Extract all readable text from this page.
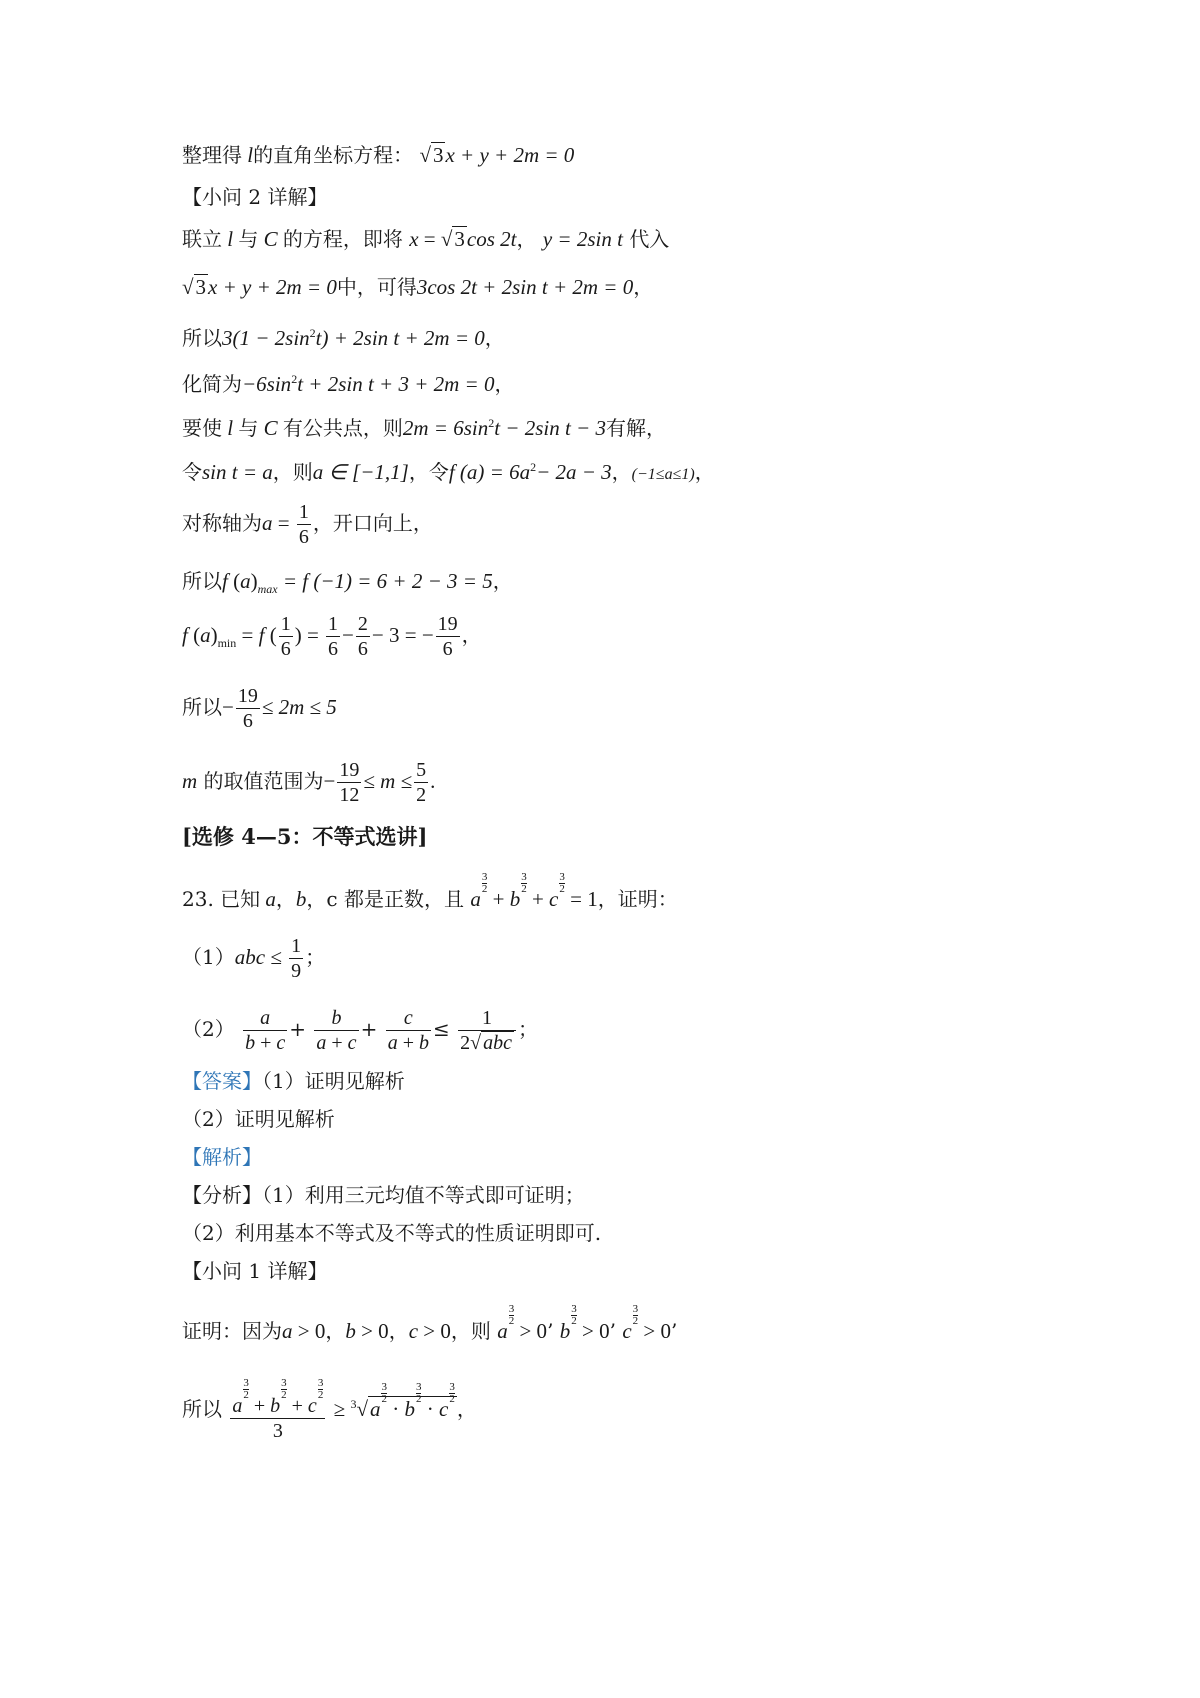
整理得 l的直角坐标方程： √3x + y + 2m = 0
【小问 2 详解】
联立 l 与 C 的方程，即将 x = √3cos 2t， y = 2sin t 代入
√3x + y + 2m = 0中，可得3cos 2t + 2sin t + 2m = 0，
所以$3(1 - 2\sin^2t) + 2\sin$ t + 2m = 0，
化简为$-6\sin^2t + 2\sin$ t + 3 + 2m = 0，
要使 l 与 C 有公共点，则$2m = 6\sin^2t - 2\sin$ t − 3有解，
令sin t = a，则a ∈ [−1,1]，令f $(a) = 6a^2- 2a - 3$，(−1≤a≤1)，
对称轴为$a = \frac{1}{6}$ ，开口向上，
所以f $(a)_{max} = f$ (−1) = 6 + 2 − 3 = 5，
f $(a)_{min} = f$ ( $\frac{1}{6}$ ) = $\frac{1}{6} - \frac{2}{6} - 3$ = − $\frac{19}{6}$ ，
所以− $\frac{19}{6} \le 2m \le 5$
m 的取值范围为− $\frac{19}{12} \le m \le \frac{5}{2}$ .
[选修 4—5：不等式选讲]
23. 已知 a，b，c 都是正数，且 a
$\frac{3}{2}$
+ b
$\frac{3}{2}$
+ c
$\frac{3}{2}$
= 1，证明：
$(1)abc \le \frac{1}{9}$ ；
$(2) \frac{a}{b + c} + \frac{b}{a + c} + \frac{c}{a + b} \le \frac{1}{\text{2√ abc}}$ ；
【答案】（1）证明见解析
（2）证明见解析
【解析】
【分析】（1）利用三元均值不等式即可证明；
（2）利用基本不等式及不等式的性质证明即可.
【小问 1 详解】
证明：因为a > 0，b > 0，c > 0，则 a
$\frac{3}{2}$
> 0’ b
$\frac{3}{2}$
> 0’ c
$\frac{3}{2}$
> 0’
所以 a
$\frac{3}{2}$
+ b
$\frac{3}{2}$
+ c
$\frac{3}{2}$
3 ≥ $^3$√a
$\frac{3}{2}$
· b
$\frac{3}{2}$
· c
$\frac{3}{2}$
，
